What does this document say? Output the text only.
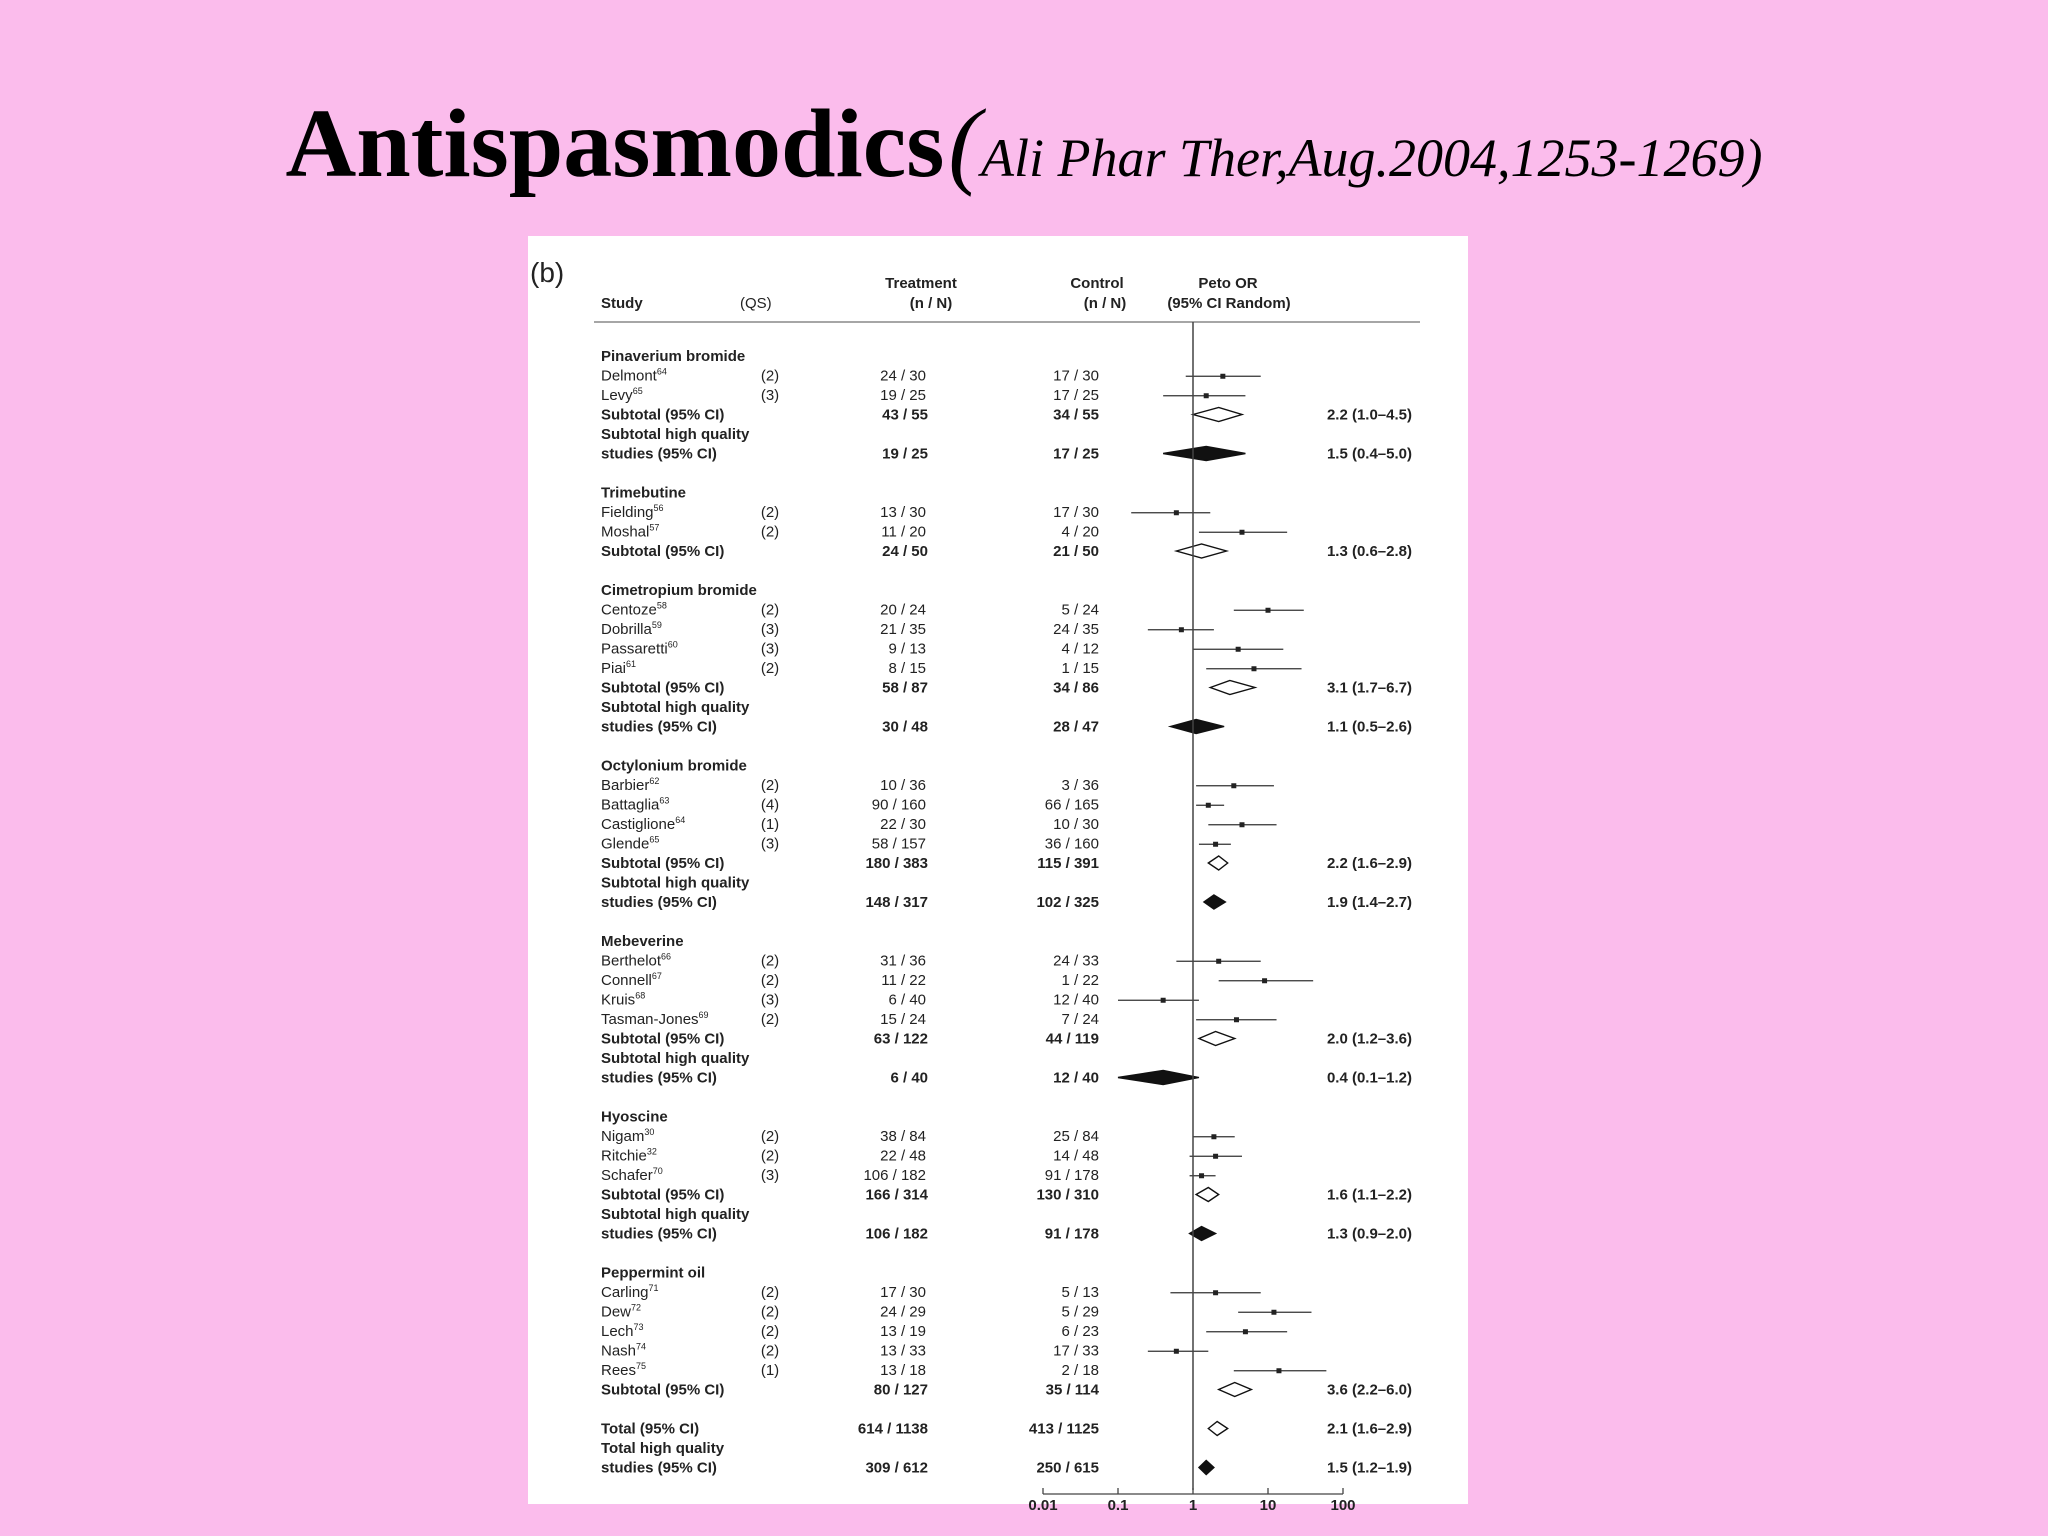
Antispasmodics (Ali Phar Ther,Aug.2004,1253-1269)
(b)
Study	(QS)
Treatment
(n / N)
Control
(n / N)
Peto OR
(95% CI Random)
Pinaverium bromide
Delmont$^{64}$	(2)	24 / 30	17 / 30
Levy$^{65}$	(3)	19 / 25	17 / 25
Subtotal (95% CI)	43 / 55	34 / 55	2.2 (1.0–4.5)
Subtotal high quality
studies (95% CI)	19 / 25	17 / 25	1.5 (0.4–5.0)
Trimebutine
Fielding$^{56}$	(2)	13 / 30	17 / 30
Moshal$^{57}$	(2)	11 / 20	4 / 20
Subtotal (95% CI)	24 / 50	21 / 50	1.3 (0.6–2.8)
Cimetropium bromide
Centoze$^{58}$	(2)	20 / 24	5 / 24
Dobrilla$^{59}$	(3)	21 / 35	24 / 35
Passaretti$^{60}$	(3)	9 / 13	4 / 12
Piai$^{61}$	(2)	8 / 15	1 / 15
Subtotal (95% CI)	58 / 87	34 / 86	3.1 (1.7–6.7)
Subtotal high quality
studies (95% CI)	30 / 48	28 / 47	1.1 (0.5–2.6)
Octylonium bromide
Barbier$^{62}$	(2)	10 / 36	3 / 36
Battaglia$^{63}$	(4)	90 / 160	66 / 165
Castiglione$^{64}$	(1)	22 / 30	10 / 30
Glende$^{65}$	(3)	58 / 157	36 / 160
Subtotal (95% CI)	180 / 383	115 / 391	2.2 (1.6–2.9)
Subtotal high quality
studies (95% CI)	148 / 317	102 / 325	1.9 (1.4–2.7)
Mebeverine
Berthelot$^{66}$	(2)	31 / 36	24 / 33
Connell$^{67}$	(2)	11 / 22	1 / 22
Kruis$^{68}$	(3)	6 / 40	12 / 40
Tasman-Jones$^{69}$	(2)	15 / 24	7 / 24
Subtotal (95% CI)	63 / 122	44 / 119	2.0 (1.2–3.6)
Subtotal high quality
studies (95% CI)	6 / 40	12 / 40	0.4 (0.1–1.2)
Hyoscine
Nigam$^{30}$	(2)	38 / 84	25 / 84
Ritchie$^{32}$	(2)	22 / 48	14 / 48
Schafer$^{70}$	(3)	106 / 182	91 / 178
Subtotal (95% CI)	166 / 314	130 / 310	1.6 (1.1–2.2)
Subtotal high quality
studies (95% CI)	106 / 182	91 / 178	1.3 (0.9–2.0)
Peppermint oil
Carling$^{71}$	(2)	17 / 30	5 / 13
Dew$^{72}$	(2)	24 / 29	5 / 29
Lech$^{73}$	(2)	13 / 19	6 / 23
Nash$^{74}$	(2)	13 / 33	17 / 33
Rees$^{75}$	(1)	13 / 18	2 / 18
Subtotal (95% CI)	80 / 127	35 / 114	3.6 (2.2–6.0)
Total (95% CI)	614 / 1138	413 / 1125	2.1 (1.6–2.9)
Total high quality
studies (95% CI)	309 / 612	250 / 615	1.5 (1.2–1.9)
0.01	0.1	1	10	100
